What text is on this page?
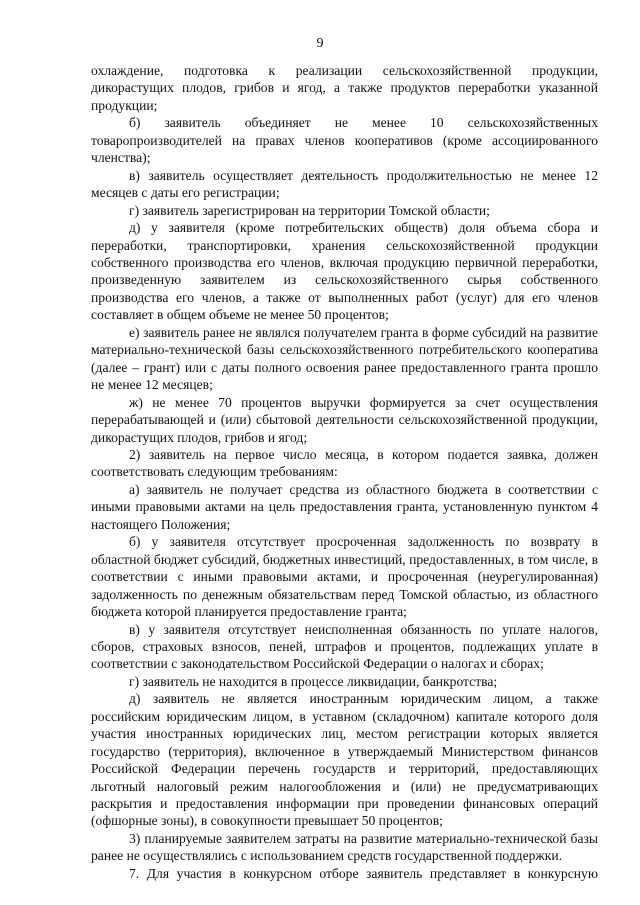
9

охлаждение, подготовка к реализации сельскохозяйственной продукции, дикорастущих плодов, грибов и ягод, а также продуктов переработки указанной продукции;

б) заявитель объединяет не менее 10 сельскохозяйственных товаропроизводителей на правах членов кооперативов (кроме ассоциированного членства);

в) заявитель осуществляет деятельность продолжительностью не менее 12 месяцев с даты его регистрации;

г) заявитель зарегистрирован на территории Томской области;

д) у заявителя (кроме потребительских обществ) доля объема сбора и переработки, транспортировки, хранения сельскохозяйственной продукции собственного производства его членов, включая продукцию первичной переработки, произведенную заявителем из сельскохозяйственного сырья собственного производства его членов, а также от выполненных работ (услуг) для его членов составляет в общем объеме не менее 50 процентов;

е) заявитель ранее не являлся получателем гранта в форме субсидий на развитие материально-технической базы сельскохозяйственного потребительского кооператива (далее – грант) или с даты полного освоения ранее предоставленного гранта прошло не менее 12 месяцев;

ж) не менее 70 процентов выручки формируется за счет осуществления перерабатывающей и (или) сбытовой деятельности сельскохозяйственной продукции, дикорастущих плодов, грибов и ягод;

2) заявитель на первое число месяца, в котором подается заявка, должен соответствовать следующим требованиям:

а) заявитель не получает средства из областного бюджета в соответствии с иными правовыми актами на цель предоставления гранта, установленную пунктом 4 настоящего Положения;

б) у заявителя отсутствует просроченная задолженность по возврату в областной бюджет субсидий, бюджетных инвестиций, предоставленных, в том числе, в соответствии с иными правовыми актами, и просроченная (неурегулированная) задолженность по денежным обязательствам перед Томской областью, из областного бюджета которой планируется предоставление гранта;

в) у заявителя отсутствует неисполненная обязанность по уплате налогов, сборов, страховых взносов, пеней, штрафов и процентов, подлежащих уплате в соответствии с законодательством Российской Федерации о налогах и сборах;

г) заявитель не находится в процессе ликвидации, банкротства;

д) заявитель не является иностранным юридическим лицом, а также российским юридическим лицом, в уставном (складочном) капитале которого доля участия иностранных юридических лиц, местом регистрации которых является государство (территория), включенное в утверждаемый Министерством финансов Российской Федерации перечень государств и территорий, предоставляющих льготный налоговый режим налогообложения и (или) не предусматривающих раскрытия и предоставления информации при проведении финансовых операций (офшорные зоны), в совокупности превышает 50 процентов;

3) планируемые заявителем затраты на развитие материально-технической базы ранее не осуществлялись с использованием средств государственной поддержки.

7. Для участия в конкурсном отборе заявитель представляет в конкурсную
